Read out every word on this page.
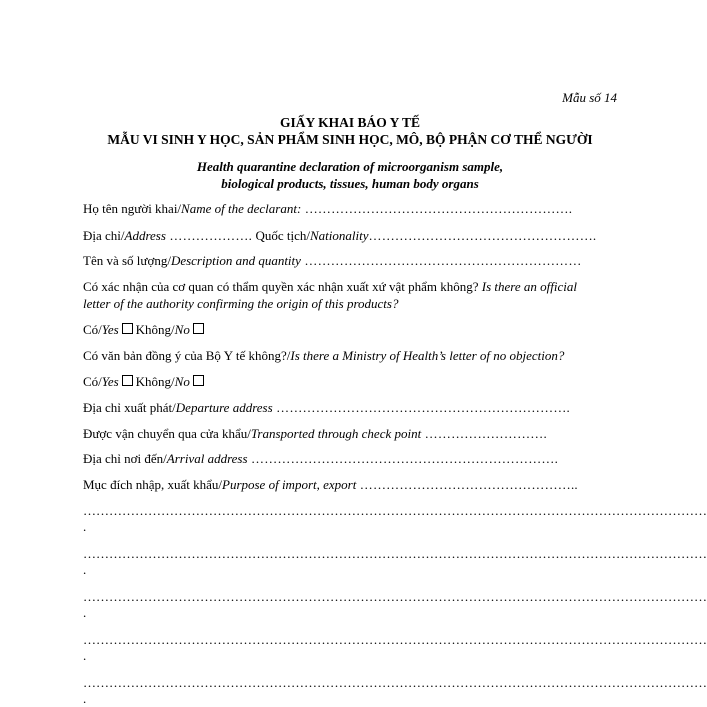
Mẫu số 14
GIẤY KHAI BÁO Y TẾ
MẪU VI SINH Y HỌC, SẢN PHẨM SINH HỌC, MÔ, BỘ PHẬN CƠ THỂ NGƯỜI
Health quarantine declaration of microorganism sample,
biological products, tissues, human body organs
Họ tên người khai/Name of the declarant: …………………………………………………….
Địa chỉ/Address ………………. Quốc tịch/Nationality…………………………………………….
Tên và số lượng/Description and quantity ………………………………………………………
Có xác nhận của cơ quan có thẩm quyền xác nhận xuất xứ vật phẩm không? Is there an official
letter of the authority confirming the origin of this products?
Có/Yes Không/No
Có văn bản đồng ý của Bộ Y tế không?/Is there a Ministry of Health’s letter of no objection?
Có/Yes Không/No
Địa chỉ xuất phát/Departure address ………………………………………………………….
Được vận chuyển qua cửa khẩu/Transported through check point ……………………….
Địa chỉ nơi đến/Arrival address …………………………………………………………….
Mục đích nhập, xuất khẩu/Purpose of import, export …………………………………………..
………………………………………………………………………………………………………………………………
.
………………………………………………………………………………………………………………………………
.
………………………………………………………………………………………………………………………………
.
………………………………………………………………………………………………………………………………
.
………………………………………………………………………………………………………………………………
.
